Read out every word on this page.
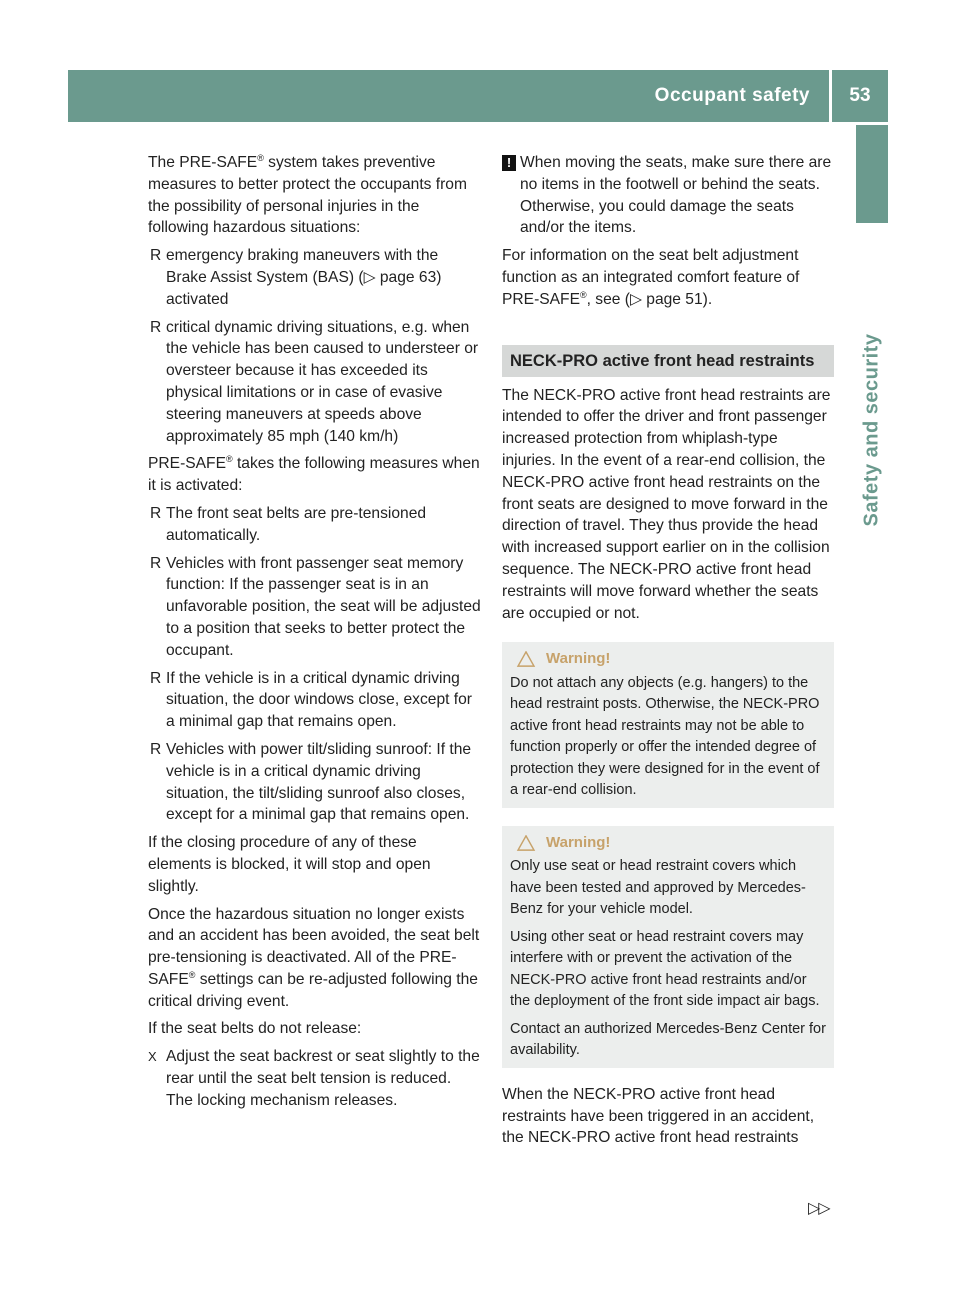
Occupant safety	53
Safety and security

The PRE-SAFE® system takes preventive measures to better protect the occupants from the possibility of personal injuries in the following hazardous situations:

R emergency braking maneuvers with the Brake Assist System (BAS) (▷ page 63) activated
R critical dynamic driving situations, e.g. when the vehicle has been caused to understeer or oversteer because it has exceeded its physical limitations or in case of evasive steering maneuvers at speeds above approximately 85 mph (140 km/h)

PRE-SAFE® takes the following measures when it is activated:

R The front seat belts are pre-tensioned automatically.
R Vehicles with front passenger seat memory function: If the passenger seat is in an unfavorable position, the seat will be adjusted to a position that seeks to better protect the occupant.
R If the vehicle is in a critical dynamic driving situation, the door windows close, except for a minimal gap that remains open.
R Vehicles with power tilt/sliding sunroof: If the vehicle is in a critical dynamic driving situation, the tilt/sliding sunroof also closes, except for a minimal gap that remains open.

If the closing procedure of any of these elements is blocked, it will stop and open slightly.

Once the hazardous situation no longer exists and an accident has been avoided, the seat belt pre-tensioning is deactivated. All of the PRE-SAFE® settings can be re-adjusted following the critical driving event.

If the seat belts do not release:

X Adjust the seat backrest or seat slightly to the rear until the seat belt tension is reduced.
The locking mechanism releases.
! When moving the seats, make sure there are no items in the footwell or behind the seats. Otherwise, you could damage the seats and/or the items.

For information on the seat belt adjustment function as an integrated comfort feature of PRE-SAFE®, see (▷ page 51).

NECK-PRO active front head restraints

The NECK-PRO active front head restraints are intended to offer the driver and front passenger increased protection from whiplash-type injuries. In the event of a rear-end collision, the NECK-PRO active front head restraints on the front seats are designed to move forward in the direction of travel. They thus provide the head with increased support earlier on in the collision sequence. The NECK-PRO active front head restraints will move forward whether the seats are occupied or not.

Warning!

Do not attach any objects (e.g. hangers) to the head restraint posts. Otherwise, the NECK-PRO active front head restraints may not be able to function properly or offer the intended degree of protection they were designed for in the event of a rear-end collision.

Warning!

Only use seat or head restraint covers which have been tested and approved by Mercedes-Benz for your vehicle model.

Using other seat or head restraint covers may interfere with or prevent the activation of the NECK-PRO active front head restraints and/or the deployment of the front side impact air bags.

Contact an authorized Mercedes-Benz Center for availability.

When the NECK-PRO active front head restraints have been triggered in an accident, the NECK-PRO active front head restraints

▷▷
